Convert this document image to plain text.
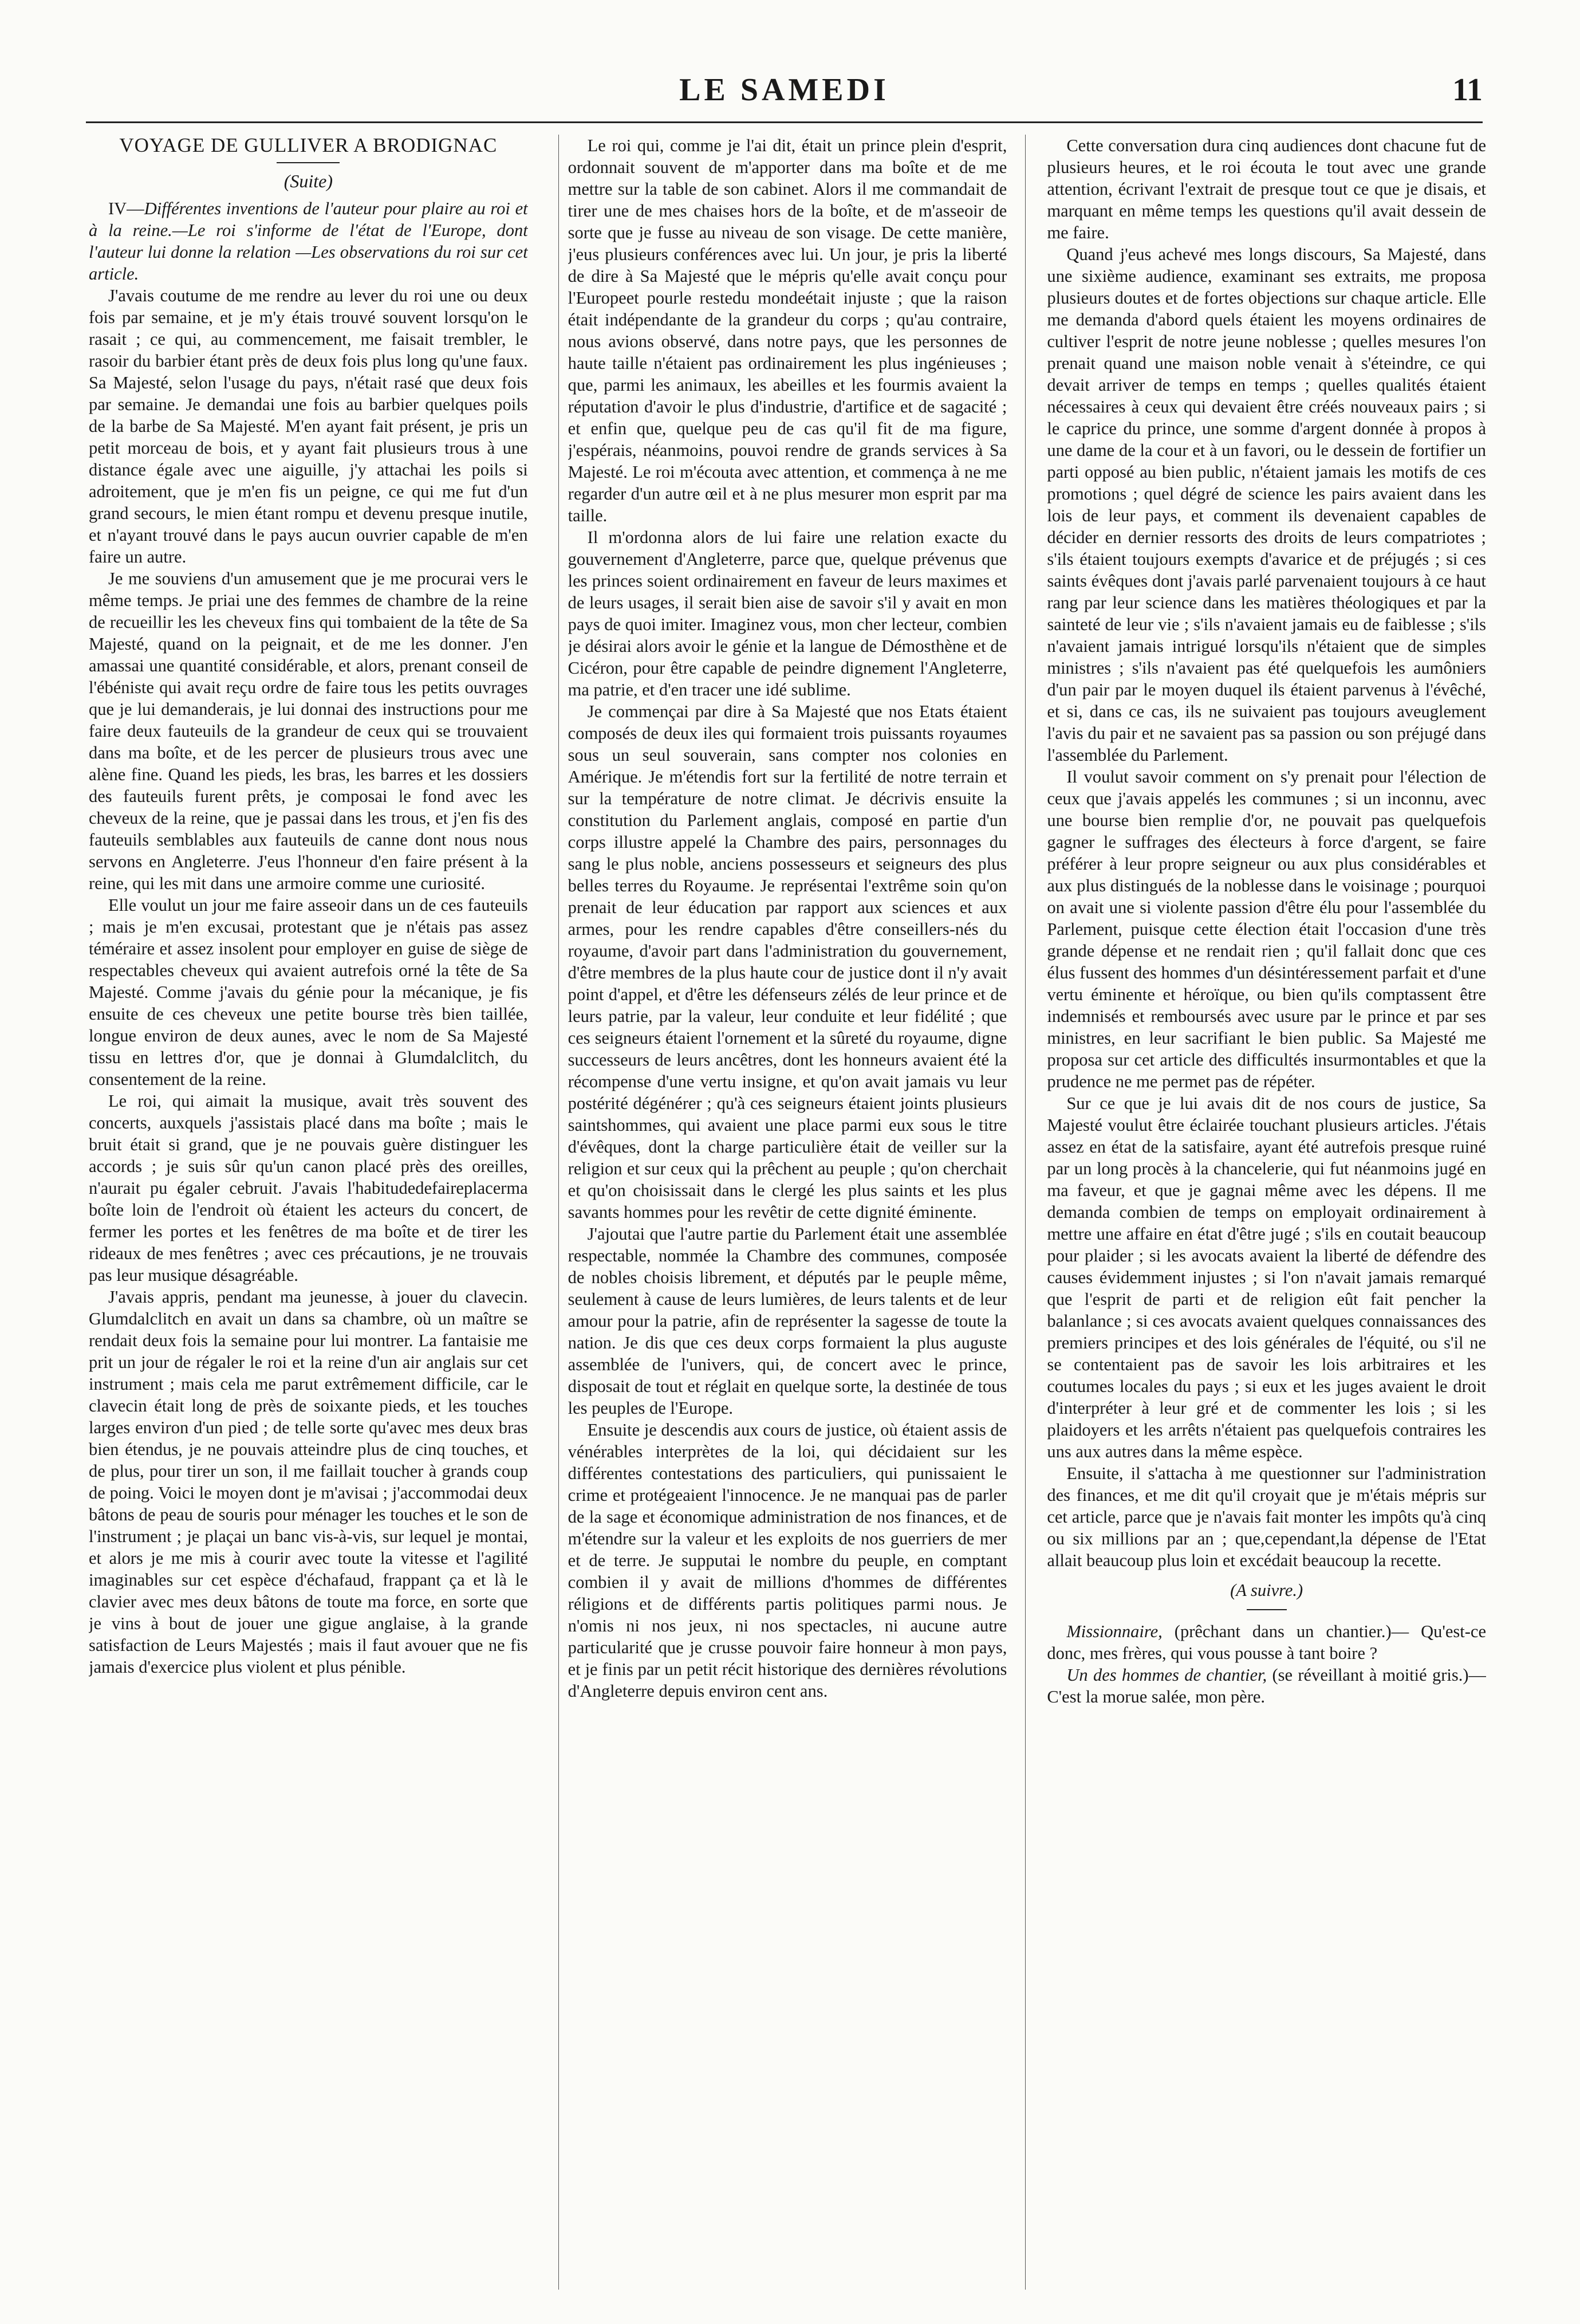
LE SAMEDI	11
VOYAGE DE GULLIVER A BRODIGNAC
(Suite)

IV—Différentes inventions de l'auteur pour plaire au roi et à la reine.—Le roi s'informe de l'état de l'Europe, dont l'auteur lui donne la relation —Les observations du roi sur cet article.

J'avais coutume de me rendre au lever du roi une ou deux fois par semaine, et je m'y étais trouvé souvent lorsqu'on le rasait ; ce qui, au commencement, me faisait trembler, le rasoir du barbier étant près de deux fois plus long qu'une faux. Sa Majesté, selon l'usage du pays, n'était rasé que deux fois par semaine. Je demandai une fois au barbier quelques poils de la barbe de Sa Majesté. M'en ayant fait présent, je pris un petit morceau de bois, et y ayant fait plusieurs trous à une distance égale avec une aiguille, j'y attachai les poils si adroitement, que je m'en fis un peigne, ce qui me fut d'un grand secours, le mien étant rompu et devenu presque inutile, et n'ayant trouvé dans le pays aucun ouvrier capable de m'en faire un autre.

Je me souviens d'un amusement que je me procurai vers le même temps. Je priai une des femmes de chambre de la reine de recueillir les les cheveux fins qui tombaient de la tête de Sa Majesté, quand on la peignait, et de me les donner. J'en amassai une quantité considérable, et alors, prenant conseil de l'ébéniste qui avait reçu ordre de faire tous les petits ouvrages que je lui demanderais, je lui donnai des instructions pour me faire deux fauteuils de la grandeur de ceux qui se trouvaient dans ma boîte, et de les percer de plusieurs trous avec une alène fine. Quand les pieds, les bras, les barres et les dossiers des fauteuils furent prêts, je composai le fond avec les cheveux de la reine, que je passai dans les trous, et j'en fis des fauteuils semblables aux fauteuils de canne dont nous nous servons en Angleterre. J'eus l'honneur d'en faire présent à la reine, qui les mit dans une armoire comme une curiosité.

Elle voulut un jour me faire asseoir dans un de ces fauteuils ; mais je m'en excusai, protestant que je n'étais pas assez téméraire et assez insolent pour employer en guise de siège de respectables cheveux qui avaient autrefois orné la tête de Sa Majesté. Comme j'avais du génie pour la mécanique, je fis ensuite de ces cheveux une petite bourse très bien taillée, longue environ de deux aunes, avec le nom de Sa Majesté tissu en lettres d'or, que je donnai à Glumdalclitch, du consentement de la reine.

Le roi, qui aimait la musique, avait très souvent des concerts, auxquels j'assistais placé dans ma boîte ; mais le bruit était si grand, que je ne pouvais guère distinguer les accords ; je suis sûr qu'un canon placé près des oreilles, n'aurait pu égaler cebruit. J'avais l'habitudedefaireplacerma boîte loin de l'endroit où étaient les acteurs du concert, de fermer les portes et les fenêtres de ma boîte et de tirer les rideaux de mes fenêtres ; avec ces précautions, je ne trouvais pas leur musique désagréable.

J'avais appris, pendant ma jeunesse, à jouer du clavecin. Glumdalclitch en avait un dans sa chambre, où un maître se rendait deux fois la semaine pour lui montrer. La fantaisie me prit un jour de régaler le roi et la reine d'un air anglais sur cet instrument ; mais cela me parut extrêmement difficile, car le clavecin était long de près de soixante pieds, et les touches larges environ d'un pied ; de telle sorte qu'avec mes deux bras bien étendus, je ne pouvais atteindre plus de cinq touches, et de plus, pour tirer un son, il me faillait toucher à grands coup de poing. Voici le moyen dont je m'avisai ; j'accommodai deux bâtons de peau de souris pour ménager les touches et le son de l'instrument ; je plaçai un banc vis-à-vis, sur lequel je montai, et alors je me mis à courir avec toute la vitesse et l'agilité imaginables sur cet espèce d'échafaud, frappant ça et là le clavier avec mes deux bâtons de toute ma force, en sorte que je vins à bout de jouer une gigue anglaise, à la grande satisfaction de Leurs Majestés ; mais il faut avouer que ne fis jamais d'exercice plus violent et plus pénible.

Le roi qui, comme je l'ai dit, était un prince plein d'esprit, ordonnait souvent de m'apporter dans ma boîte et de me mettre sur la table de son cabinet. Alors il me commandait de tirer une de mes chaises hors de la boîte, et de m'asseoir de sorte que je fusse au niveau de son visage. De cette manière, j'eus plusieurs conférences avec lui. Un jour, je pris la liberté de dire à Sa Majesté que le mépris qu'elle avait conçu pour l'Europeet pourle restedu mondeétait injuste ; que la raison était indépendante de la grandeur du corps ; qu'au contraire, nous avions observé, dans notre pays, que les personnes de haute taille n'étaient pas ordinairement les plus ingénieuses ; que, parmi les animaux, les abeilles et les fourmis avaient la réputation d'avoir le plus d'industrie, d'artifice et de sagacité ; et enfin que, quelque peu de cas qu'il fit de ma figure, j'espérais, néanmoins, pouvoi rendre de grands services à Sa Majesté. Le roi m'écouta avec attention, et commença à ne me regarder d'un autre œil et à ne plus mesurer mon esprit par ma taille.

Il m'ordonna alors de lui faire une relation exacte du gouvernement d'Angleterre, parce que, quelque prévenus que les princes soient ordinairement en faveur de leurs maximes et de leurs usages, il serait bien aise de savoir s'il y avait en mon pays de quoi imiter. Imaginez vous, mon cher lecteur, combien je désirai alors avoir le génie et la langue de Démosthène et de Cicéron, pour être capable de peindre dignement l'Angleterre, ma patrie, et d'en tracer une idé sublime.

Je commençai par dire à Sa Majesté que nos Etats étaient composés de deux iles qui formaient trois puissants royaumes sous un seul souverain, sans compter nos colonies en Amérique. Je m'étendis fort sur la fertilité de notre terrain et sur la température de notre climat. Je décrivis ensuite la constitution du Parlement anglais, composé en partie d'un corps illustre appelé la Chambre des pairs, personnages du sang le plus noble, anciens possesseurs et seigneurs des plus belles terres du Royaume. Je représentai l'extrême soin qu'on prenait de leur éducation par rapport aux sciences et aux armes, pour les rendre capables d'être conseillers-nés du royaume, d'avoir part dans l'administration du gouvernement, d'être membres de la plus haute cour de justice dont il n'y avait point d'appel, et d'être les défenseurs zélés de leur prince et de leurs patrie, par la valeur, leur conduite et leur fidélité ; que ces seigneurs étaient l'ornement et la sûreté du royaume, digne successeurs de leurs ancêtres, dont les honneurs avaient été la récompense d'une vertu insigne, et qu'on avait jamais vu leur postérité dégénérer ; qu'à ces seigneurs étaient joints plusieurs saintshommes, qui avaient une place parmi eux sous le titre d'évêques, dont la charge particulière était de veiller sur la religion et sur ceux qui la prêchent au peuple ; qu'on cherchait et qu'on choisissait dans le clergé les plus saints et les plus savants hommes pour les revêtir de cette dignité éminente.

J'ajoutai que l'autre partie du Parlement était une assemblée respectable, nommée la Chambre des communes, composée de nobles choisis librement, et députés par le peuple même, seulement à cause de leurs lumières, de leurs talents et de leur amour pour la patrie, afin de représenter la sagesse de toute la nation. Je dis que ces deux corps formaient la plus auguste assemblée de l'univers, qui, de concert avec le prince, disposait de tout et réglait en quelque sorte, la destinée de tous les peuples de l'Europe.

Ensuite je descendis aux cours de justice, où étaient assis de vénérables interprètes de la loi, qui décidaient sur les différentes contestations des particuliers, qui punissaient le crime et protégeaient l'innocence. Je ne manquai pas de parler de la sage et économique administration de nos finances, et de m'étendre sur la valeur et les exploits de nos guerriers de mer et de terre. Je supputai le nombre du peuple, en comptant combien il y avait de millions d'hommes de différentes réligions et de différents partis politiques parmi nous. Je n'omis ni nos jeux, ni nos spectacles, ni aucune autre particularité que je crusse pouvoir faire honneur à mon pays, et je finis par un petit récit historique des dernières révolutions d'Angleterre depuis environ cent ans.

Cette conversation dura cinq audiences dont chacune fut de plusieurs heures, et le roi écouta le tout avec une grande attention, écrivant l'extrait de presque tout ce que je disais, et marquant en même temps les questions qu'il avait dessein de me faire.

Quand j'eus achevé mes longs discours, Sa Majesté, dans une sixième audience, examinant ses extraits, me proposa plusieurs doutes et de fortes objections sur chaque article. Elle me demanda d'abord quels étaient les moyens ordinaires de cultiver l'esprit de notre jeune noblesse ; quelles mesures l'on prenait quand une maison noble venait à s'éteindre, ce qui devait arriver de temps en temps ; quelles qualités étaient nécessaires à ceux qui devaient être créés nouveaux pairs ; si le caprice du prince, une somme d'argent donnée à propos à une dame de la cour et à un favori, ou le dessein de fortifier un parti opposé au bien public, n'étaient jamais les motifs de ces promotions ; quel dégré de science les pairs avaient dans les lois de leur pays, et comment ils devenaient capables de décider en dernier ressorts des droits de leurs compatriotes ; s'ils étaient toujours exempts d'avarice et de préjugés ; si ces saints évêques dont j'avais parlé parvenaient toujours à ce haut rang par leur science dans les matières théologiques et par la sainteté de leur vie ; s'ils n'avaient jamais eu de faiblesse ; s'ils n'avaient jamais intrigué lorsqu'ils n'étaient que de simples ministres ; s'ils n'avaient pas été quelquefois les aumôniers d'un pair par le moyen duquel ils étaient parvenus à l'évêché, et si, dans ce cas, ils ne suivaient pas toujours aveuglement l'avis du pair et ne savaient pas sa passion ou son préjugé dans l'assemblée du Parlement.

Il voulut savoir comment on s'y prenait pour l'élection de ceux que j'avais appelés les communes ; si un inconnu, avec une bourse bien remplie d'or, ne pouvait pas quelquefois gagner le suffrages des électeurs à force d'argent, se faire préférer à leur propre seigneur ou aux plus considérables et aux plus distingués de la noblesse dans le voisinage ; pourquoi on avait une si violente passion d'être élu pour l'assemblée du Parlement, puisque cette élection était l'occasion d'une très grande dépense et ne rendait rien ; qu'il fallait donc que ces élus fussent des hommes d'un désintéressement parfait et d'une vertu éminente et héroïque, ou bien qu'ils comptassent être indemnisés et remboursés avec usure par le prince et par ses ministres, en leur sacrifiant le bien public. Sa Majesté me proposa sur cet article des difficultés insurmontables et que la prudence ne me permet pas de répéter.

Sur ce que je lui avais dit de nos cours de justice, Sa Majesté voulut être éclairée touchant plusieurs articles. J'étais assez en état de la satisfaire, ayant été autrefois presque ruiné par un long procès à la chancelerie, qui fut néanmoins jugé en ma faveur, et que je gagnai même avec les dépens. Il me demanda combien de temps on employait ordinairement à mettre une affaire en état d'être jugé ; s'ils en coutait beaucoup pour plaider ; si les avocats avaient la liberté de défendre des causes évidemment injustes ; si l'on n'avait jamais remarqué que l'esprit de parti et de religion eût fait pencher la balanlance ; si ces avocats avaient quelques connaissances des premiers principes et des lois générales de l'équité, ou s'il ne se contentaient pas de savoir les lois arbitraires et les coutumes locales du pays ; si eux et les juges avaient le droit d'interpréter à leur gré et de commenter les lois ; si les plaidoyers et les arrêts n'étaient pas quelquefois contraires les uns aux autres dans la même espèce.

Ensuite, il s'attacha à me questionner sur l'administration des finances, et me dit qu'il croyait que je m'étais mépris sur cet article, parce que je n'avais fait monter les impôts qu'à cinq ou six millions par an ; que,cependant,la dépense de l'Etat allait beaucoup plus loin et excédait beaucoup la recette.

(A suivre.)

Missionnaire, (prêchant dans un chantier.)— Qu'est-ce donc, mes frères, qui vous pousse à tant boire ?

Un des hommes de chantier, (se réveillant à moitié gris.)—C'est la morue salée, mon père.
